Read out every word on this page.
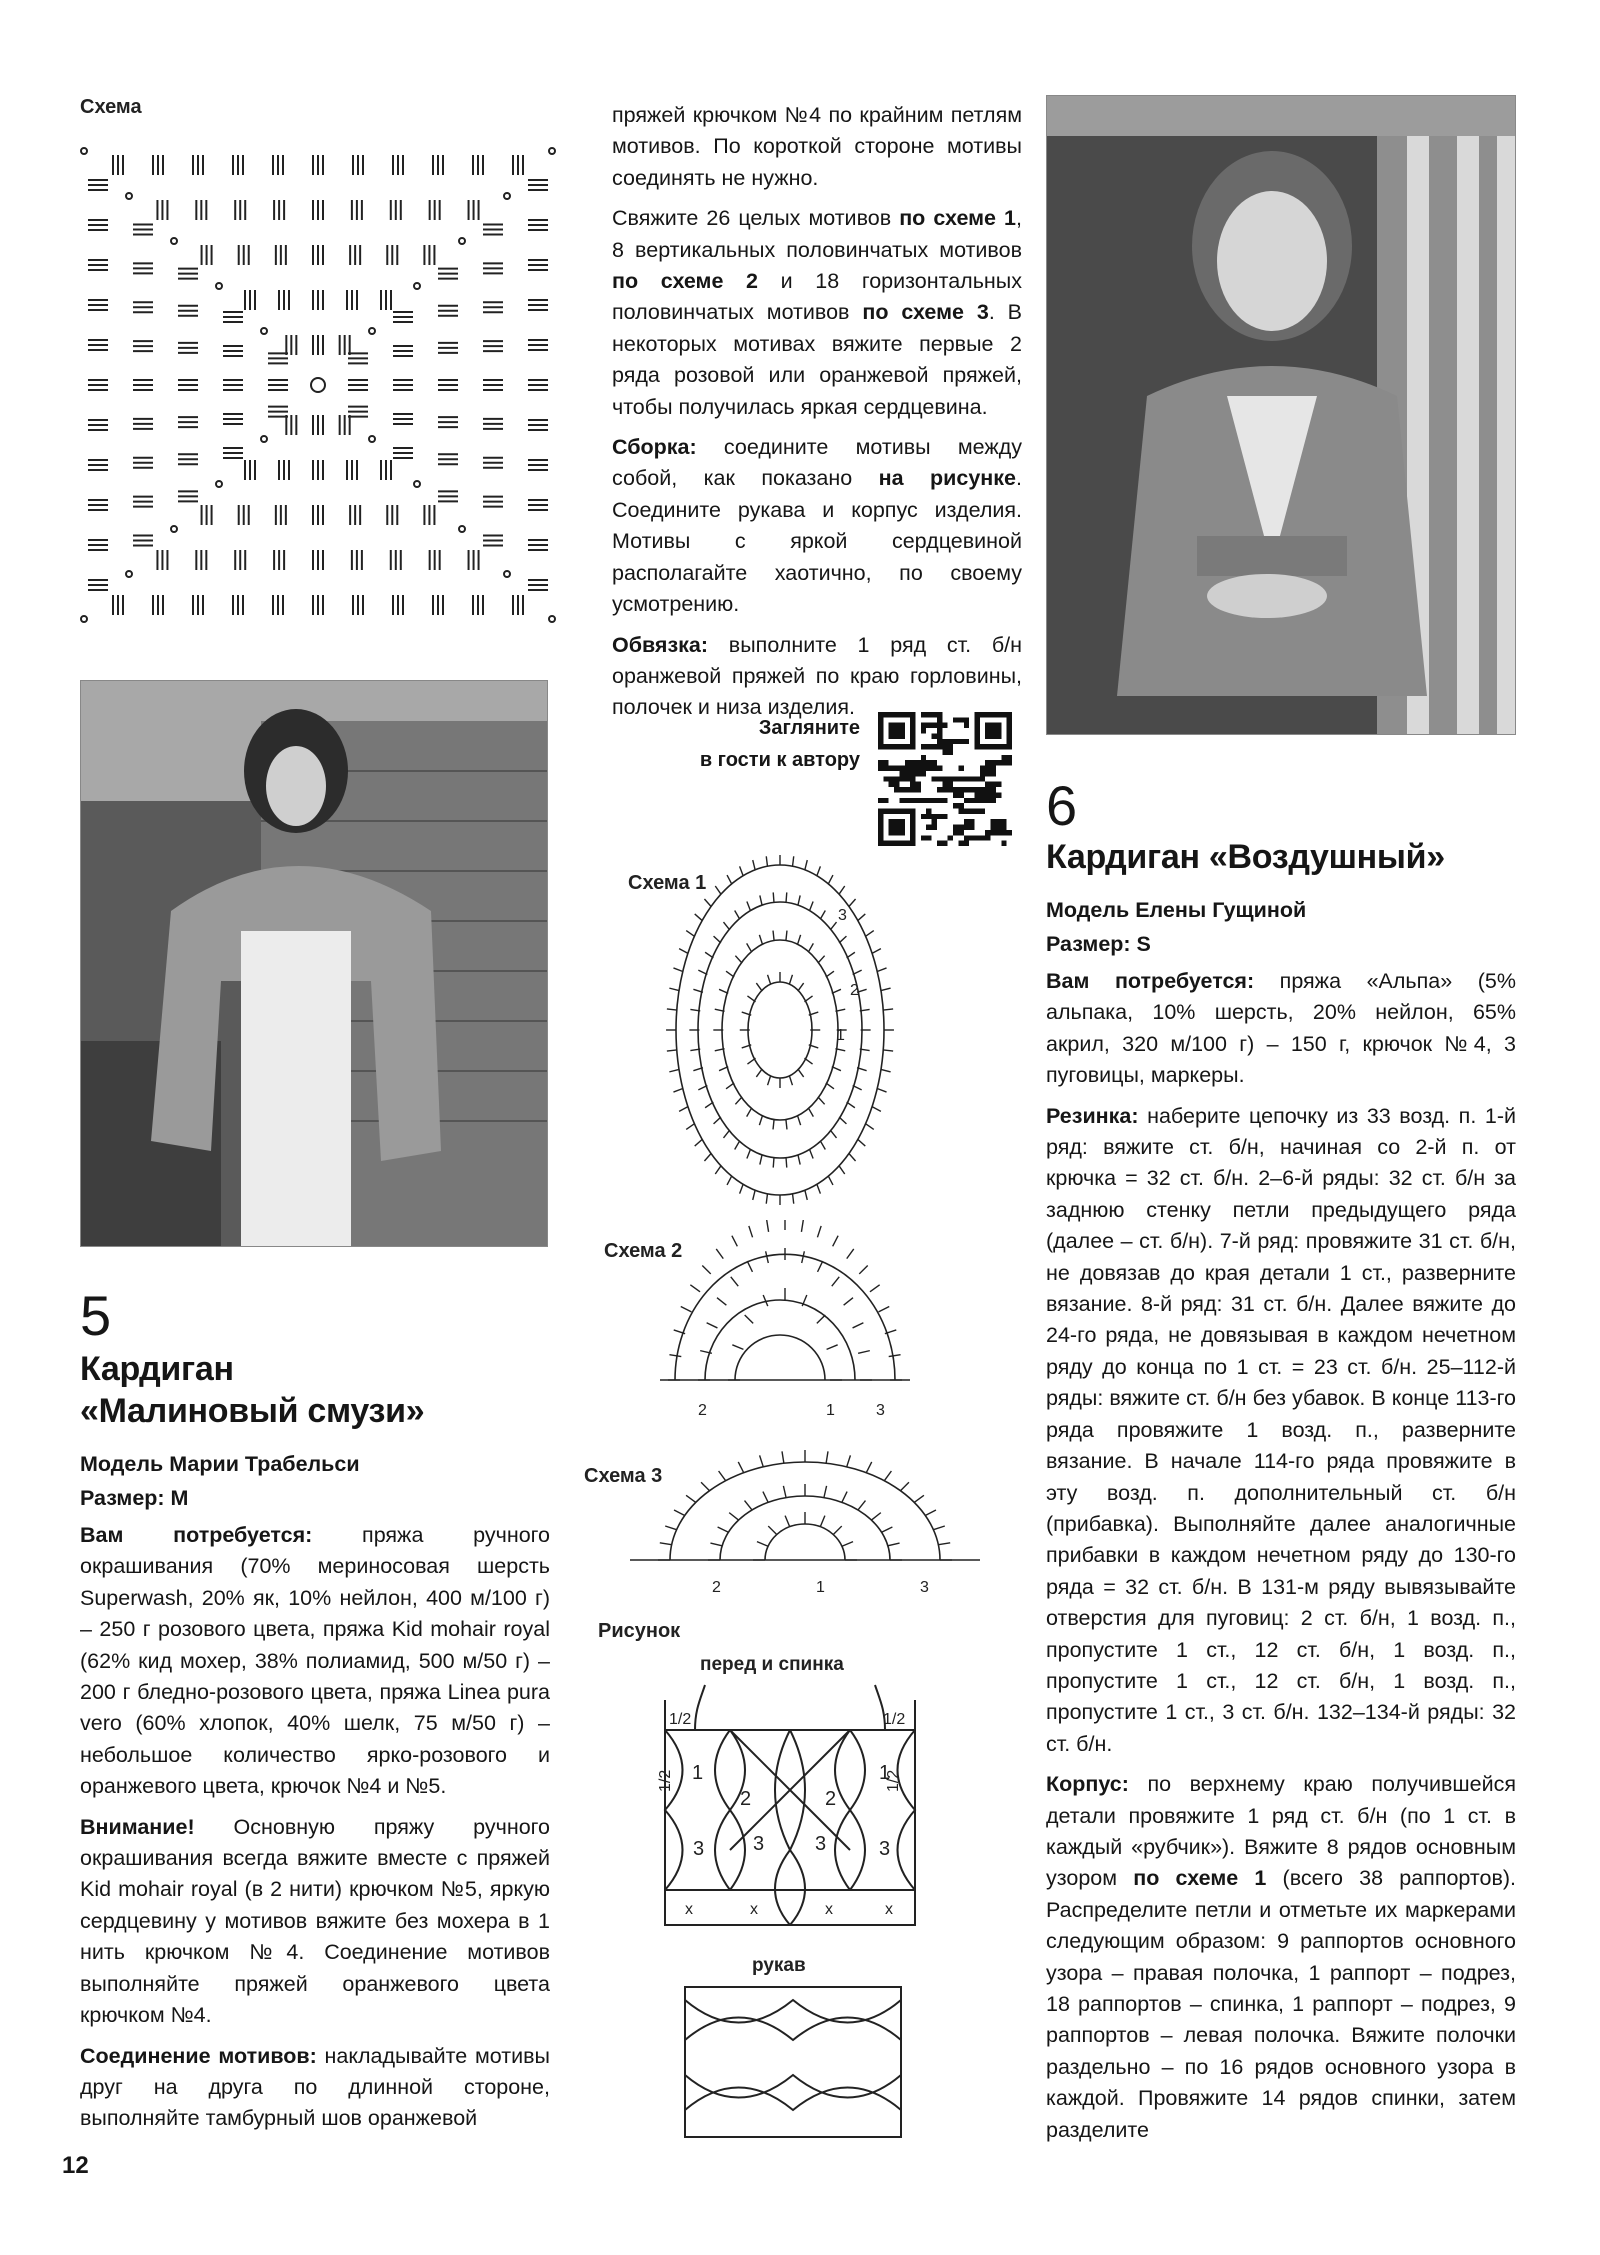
Схема	пряжей крючком №4 по крайним петлям мотивов. По короткой стороне мотивы соединять не нужно.

Свяжите 26 целых мотивов по схеме 1, 8 вертикальных половинчатых мотивов по схеме 2 и 18 горизонтальных половинчатых мотивов по схеме 3. В некоторых мотивах вяжите первые 2 ряда розовой или оранжевой пряжей, чтобы получилась яркая сердцевина.

Сборка: соедините мотивы между собой, как показано на рисунке. Соедините рукава и корпус изделия. Мотивы с яркой сердцевиной располагайте хаотично, по своему усмотрению.

Обвязка: выполните 1 ряд ст. б/н оранжевой пряжей по краю горловины, полочек и низа изделия.

Загляните
в гости к автору
Схема 1
1
2
3
Схема 2
2	1	3
Схема 3
2	1	3
Рисунок
перед и спинка
1	1
2	2
3	3
3	3
x	x	x	x
1/2	1/2
1/2	1/2
рукав
5
Кардиган
«Малиновый смузи»
Модель Марии Трабельси
Размер: М

Вам потребуется: пряжа ручного окрашивания (70% мериносовая шерсть Superwash, 20% як, 10% нейлон, 400 м/100 г) – 250 г розового цвета, пряжа Kid mohair royal (62% кид мохер, 38% полиамид, 500 м/50 г) – 200 г бледно-розового цвета, пряжа Linea pura vero (60% хлопок, 40% шелк, 75 м/50 г) – небольшое количество ярко-розового и оранжевого цвета, крючок №4 и №5.

Внимание! Основную пряжу ручного окрашивания всегда вяжите вместе с пряжей Kid mohair royal (в 2 нити) крючком №5, яркую сердцевину у мотивов вяжите без мохера в 1 нить крючком №4. Соединение мотивов выполняйте пряжей оранжевого цвета крючком №4.

Соединение мотивов: накладывайте мотивы друг на друга по длинной стороне, выполняйте тамбурный шов оранжевой

6
Кардиган «Воздушный»
Модель Елены Гущиной
Размер: S

Вам потребуется: пряжа «Альпа» (5% альпака, 10% шерсть, 20% нейлон, 65% акрил, 320 м/100 г) – 150 г, крючок №4, 3 пуговицы, маркеры.

Резинка: наберите цепочку из 33 возд. п. 1-й ряд: вяжите ст. б/н, начиная со 2-й п. от крючка = 32 ст. б/н. 2–6-й ряды: 32 ст. б/н за заднюю стенку петли предыдущего ряда (далее – ст. б/н). 7-й ряд: провяжите 31 ст. б/н, не довязав до края детали 1 ст., разверните вязание. 8-й ряд: 31 ст. б/н. Далее вяжите до 24-го ряда, не довязывая в каждом нечетном ряду до конца по 1 ст. = 23 ст. б/н. 25–112-й ряды: вяжите ст. б/н без убавок. В конце 113-го ряда провяжите 1 возд. п., разверните вязание. В начале 114-го ряда провяжите в эту возд. п. дополнительный ст. б/н (прибавка). Выполняйте далее аналогичные прибавки в каждом нечетном ряду до 130-го ряда = 32 ст. б/н. В 131-м ряду вывязывайте отверстия для пуговиц: 2 ст. б/н, 1 возд. п., пропустите 1 ст., 12 ст. б/н, 1 возд. п., пропустите 1 ст., 12 ст. б/н, 1 возд. п., пропустите 1 ст., 3 ст. б/н. 132–134-й ряды: 32 ст. б/н.

Корпус: по верхнему краю получившейся детали провяжите 1 ряд ст. б/н (по 1 ст. в каждый «рубчик»). Вяжите 8 рядов основным узором по схеме 1 (всего 38 раппортов). Распределите петли и отметьте их маркерами следующим образом: 9 раппортов основного узора – правая полочка, 1 раппорт – подрез, 18 раппортов – спинка, 1 раппорт – подрез, 9 раппортов – левая полочка. Вяжите полочки раздельно – по 16 рядов основного узора в каждой. Провяжите 14 рядов спинки, затем разделите

12
